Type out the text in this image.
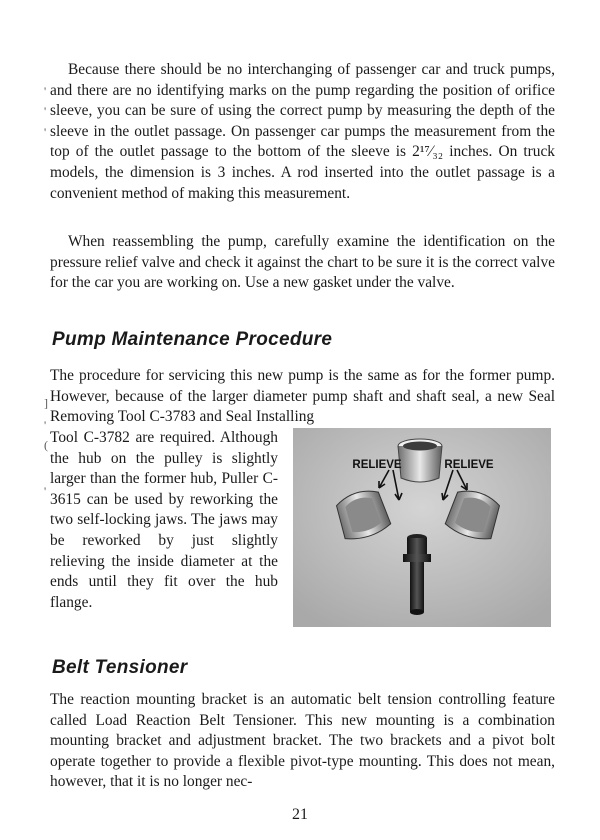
'
'
'
]
'
(
'

Because there should be no interchanging of passenger car and truck pumps, and there are no identifying marks on the pump regarding the position of orifice sleeve, you can be sure of using the correct pump by measuring the depth of the sleeve in the outlet passage. On passenger car pumps the measurement from the top of the outlet passage to the bottom of the sleeve is 2¹⁷⁄₃₂ inches. On truck models, the dimension is 3 inches. A rod inserted into the outlet passage is a convenient method of making this measurement.

When reassembling the pump, carefully examine the identification on the pressure relief valve and check it against the chart to be sure it is the correct valve for the car you are working on. Use a new gasket under the valve.

Pump Maintenance Procedure

The procedure for servicing this new pump is the same as for the former pump. However, because of the larger diameter pump shaft and shaft seal, a new Seal Removing Tool C-3783 and Seal Installing

Tool C-3782 are required. Although the hub on the pulley is slightly larger than the former hub, Puller C-3615 can be used by reworking the two self-locking jaws. The jaws may be reworked by just slightly relieving the inside diameter at the ends until they fit over the hub flange.

RELIEVE	RELIEVE
Belt Tensioner

The reaction mounting bracket is an automatic belt tension controlling feature called Load Reaction Belt Tensioner. This new mounting is a combination mounting bracket and adjustment bracket. The two brackets and a pivot bolt operate together to provide a flexible pivot-type mounting. This does not mean, however, that it is no longer nec-

21
